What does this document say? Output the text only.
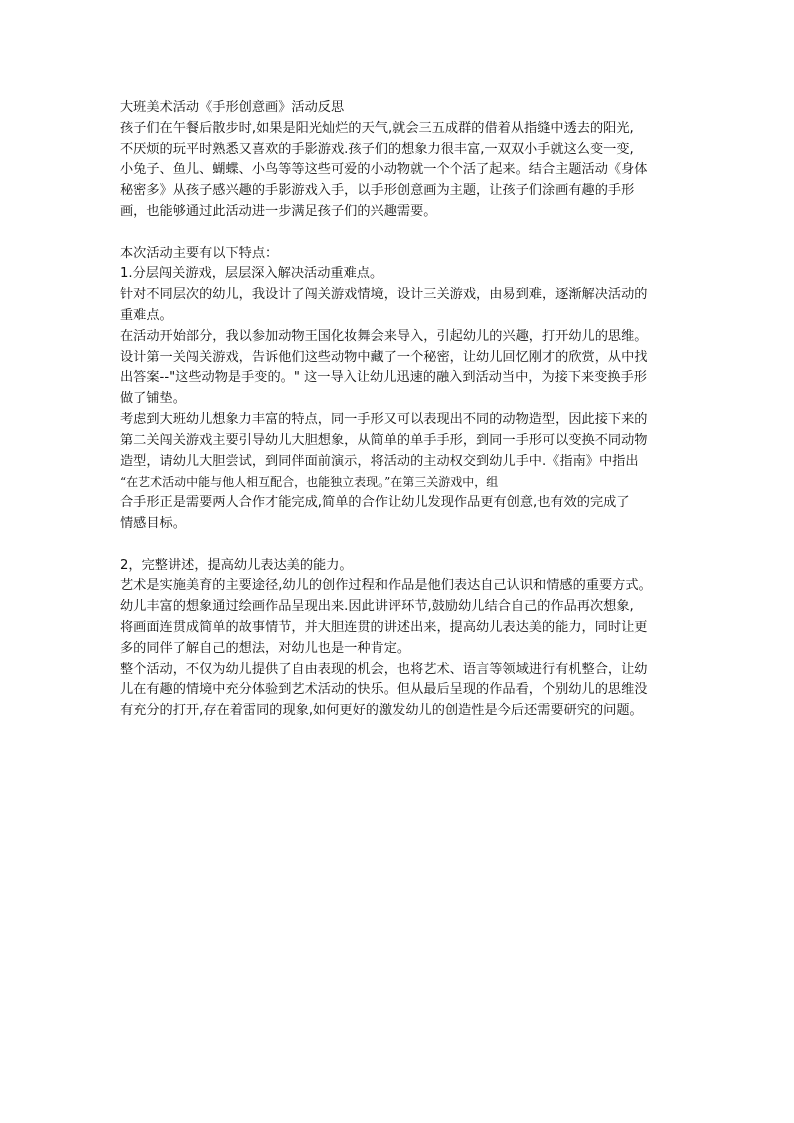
大班美术活动《手形创意画》活动反思
孩子们在午餐后散步时,如果是阳光灿烂的天气,就会三五成群的借着从指缝中透去的阳光,
不厌烦的玩平时熟悉又喜欢的手影游戏.孩子们的想象力很丰富,一双双小手就这么变一变,
小兔子、鱼儿、蝴蝶、小鸟等等这些可爱的小动物就一个个活了起来。结合主题活动《身体
秘密多》从孩子感兴趣的手影游戏入手，以手形创意画为主题，让孩子们涂画有趣的手形
画，也能够通过此活动进一步满足孩子们的兴趣需要。
本次活动主要有以下特点：
1.分层闯关游戏，层层深入解决活动重难点。
针对不同层次的幼儿，我设计了闯关游戏情境，设计三关游戏，由易到难，逐渐解决活动的
重难点。
在活动开始部分，我以参加动物王国化妆舞会来导入，引起幼儿的兴趣，打开幼儿的思维。
设计第一关闯关游戏，告诉他们这些动物中藏了一个秘密，让幼儿回忆刚才的欣赏，从中找
出答案--"这些动物是手变的。" 这一导入让幼儿迅速的融入到活动当中，为接下来变换手形
做了铺垫。
考虑到大班幼儿想象力丰富的特点，同一手形又可以表现出不同的动物造型，因此接下来的
第二关闯关游戏主要引导幼儿大胆想象，从简单的单手手形，到同一手形可以变换不同动物
造型，请幼儿大胆尝试，到同伴面前演示，将活动的主动权交到幼儿手中.《指南》中指出
“在艺术活动中能与他人相互配合，也能独立表现。”在第三关游戏中，组
合手形正是需要两人合作才能完成,简单的合作让幼儿发现作品更有创意,也有效的完成了
情感目标。
2，完整讲述，提高幼儿表达美的能力。
艺术是实施美育的主要途径,幼儿的创作过程和作品是他们表达自己认识和情感的重要方式。
幼儿丰富的想象通过绘画作品呈现出来.因此讲评环节,鼓励幼儿结合自己的作品再次想象,
将画面连贯成简单的故事情节，并大胆连贯的讲述出来，提高幼儿表达美的能力，同时让更
多的同伴了解自己的想法，对幼儿也是一种肯定。
整个活动，不仅为幼儿提供了自由表现的机会，也将艺术、语言等领域进行有机整合，让幼
儿在有趣的情境中充分体验到艺术活动的快乐。但从最后呈现的作品看，个别幼儿的思维没
有充分的打开,存在着雷同的现象,如何更好的激发幼儿的创造性是今后还需要研究的问题。
